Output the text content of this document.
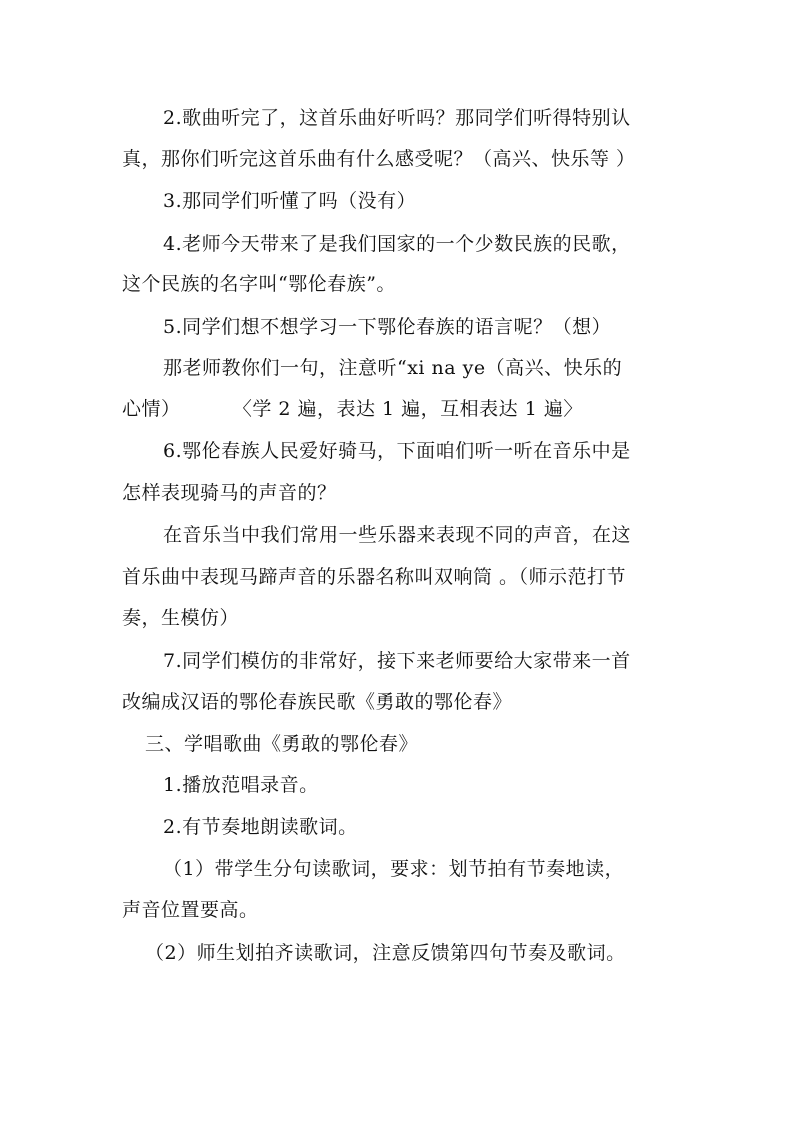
2.歌曲听完了，这首乐曲好听吗？那同学们听得特别认
真，那你们听完这首乐曲有什么感受呢？（高兴、快乐等 ）
3.那同学们听懂了吗（没有）
4.老师今天带来了是我们国家的一个少数民族的民歌，
这个民族的名字叫“鄂伦春族”。
5.同学们想不想学习一下鄂伦春族的语言呢？（想）
那老师教你们一句，注意听“xi na ye（高兴、快乐的
心情）        〈学 2 遍，表达 1 遍，互相表达 1 遍〉
6.鄂伦春族人民爱好骑马，下面咱们听一听在音乐中是
怎样表现骑马的声音的？
在音乐当中我们常用一些乐器来表现不同的声音，在这
首乐曲中表现马蹄声音的乐器名称叫双响筒 。（师示范打节
奏，生模仿）
7.同学们模仿的非常好，接下来老师要给大家带来一首
改编成汉语的鄂伦春族民歌《勇敢的鄂伦春》
三、学唱歌曲《勇敢的鄂伦春》
1.播放范唱录音。
2.有节奏地朗读歌词。
（1）带学生分句读歌词，要求：划节拍有节奏地读，
声音位置要高。
（2）师生划拍齐读歌词，注意反馈第四句节奏及歌词。
